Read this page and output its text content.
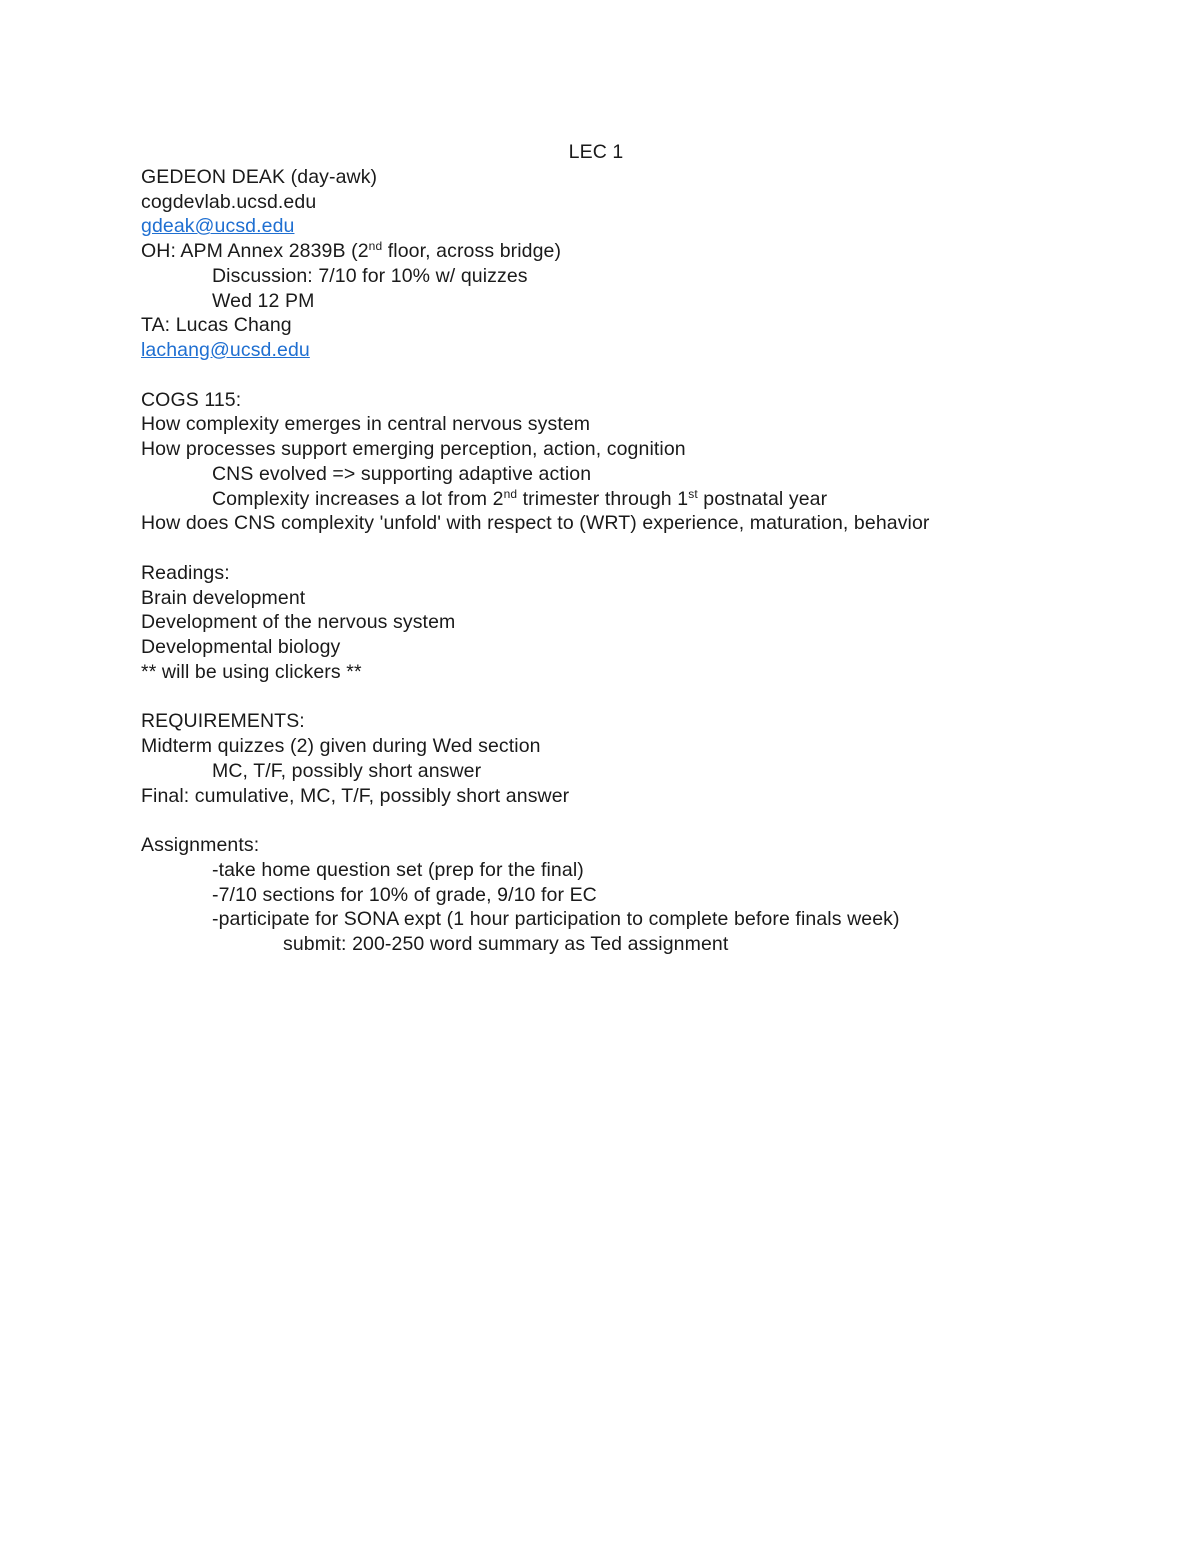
LEC 1
GEDEON DEAK (day-awk)
cogdevlab.ucsd.edu
gdeak@ucsd.edu
OH: APM Annex 2839B (2nd floor, across bridge)
Discussion: 7/10 for 10% w/ quizzes
Wed 12 PM
TA: Lucas Chang
lachang@ucsd.edu
COGS 115:
How complexity emerges in central nervous system
How processes support emerging perception, action, cognition
CNS evolved => supporting adaptive action
Complexity increases a lot from 2nd trimester through 1st postnatal year
How does CNS complexity 'unfold' with respect to (WRT) experience, maturation, behavior
Readings:
Brain development
Development of the nervous system
Developmental biology
** will be using clickers **
REQUIREMENTS:
Midterm quizzes (2) given during Wed section
MC, T/F, possibly short answer
Final: cumulative, MC, T/F, possibly short answer
Assignments:
-take home question set (prep for the final)
-7/10 sections for 10% of grade, 9/10 for EC
-participate for SONA expt (1 hour participation to complete before finals week)
submit: 200-250 word summary as Ted assignment
